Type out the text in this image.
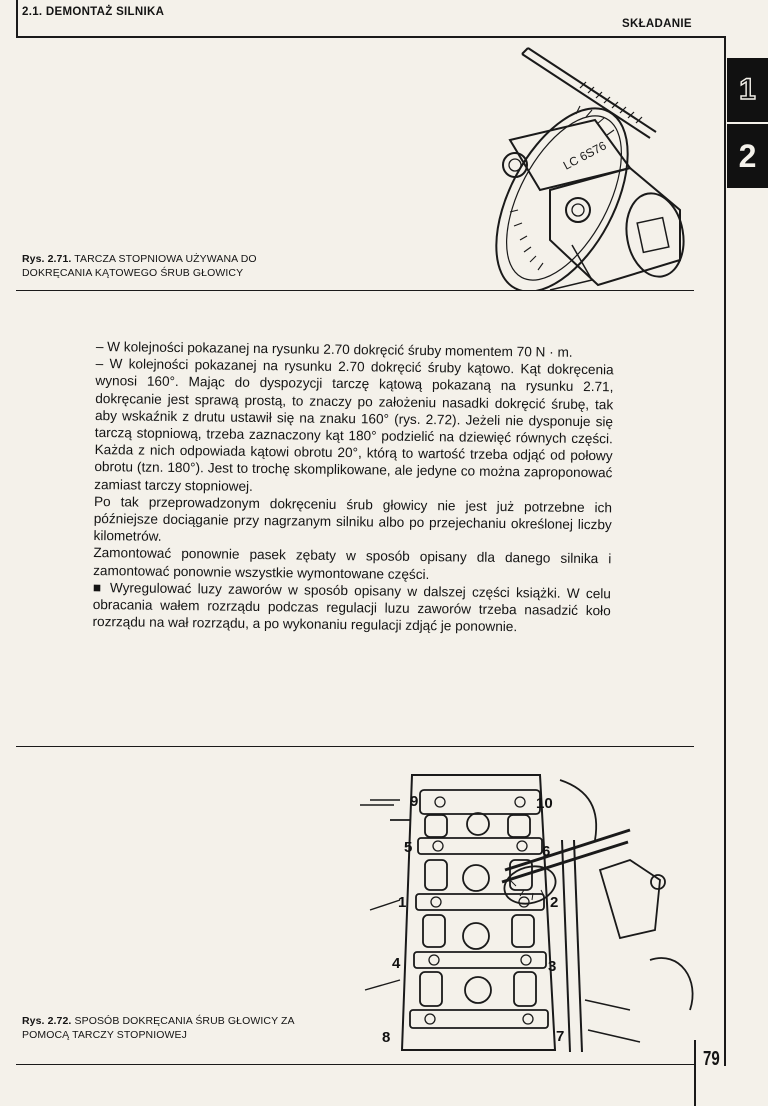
2.1. DEMONTAŻ SILNIKA
SKŁADANIE
1
2
LC 6S76
Rys. 2.71. TARCZA STOPNIOWA UŻYWANA DO DOKRĘCANIA KĄTOWEGO ŚRUB GŁOWICY

– W kolejności pokazanej na rysunku 2.70 dokręcić śruby momentem 70 N · m.

– W kolejności pokazanej na rysunku 2.70 dokręcić śruby kątowo. Kąt dokręcenia wynosi 160°. Mając do dyspozycji tarczę kątową pokazaną na rysunku 2.71, dokręcanie jest sprawą prostą, to znaczy po założeniu nasadki dokręcić śrubę, tak aby wskaźnik z drutu ustawił się na znaku 160° (rys. 2.72). Jeżeli nie dysponuje się tarczą stopniową, trzeba zaznaczony kąt 180° podzielić na dziewięć równych części. Każda z nich odpowiada kątowi obrotu 20°, którą to wartość trzeba odjąć od połowy obrotu (tzn. 180°). Jest to trochę skomplikowane, ale jedyne co można zaproponować zamiast tarczy stopniowej.

Po tak przeprowadzonym dokręceniu śrub głowicy nie jest już potrzebne ich późniejsze dociąganie przy nagrzanym silniku albo po przejechaniu określonej liczby kilometrów.

Zamontować ponownie pasek zębaty w sposób opisany dla danego silnika i zamontować ponownie wszystkie wymontowane części.

■ Wyregulować luzy zaworów w sposób opisany w dalszej części książki. W celu obracania wałem rozrządu podczas regulacji luzu zaworów trzeba nasadzić koło rozrządu na wał rozrządu, a po wykonaniu regulacji zdjąć je ponownie.

9	10
5	6
1	2
4	3
8	7
Rys. 2.72. SPOSÓB DOKRĘCANIA ŚRUB GŁOWICY ZA POMOCĄ TARCZY STOPNIOWEJ
79
